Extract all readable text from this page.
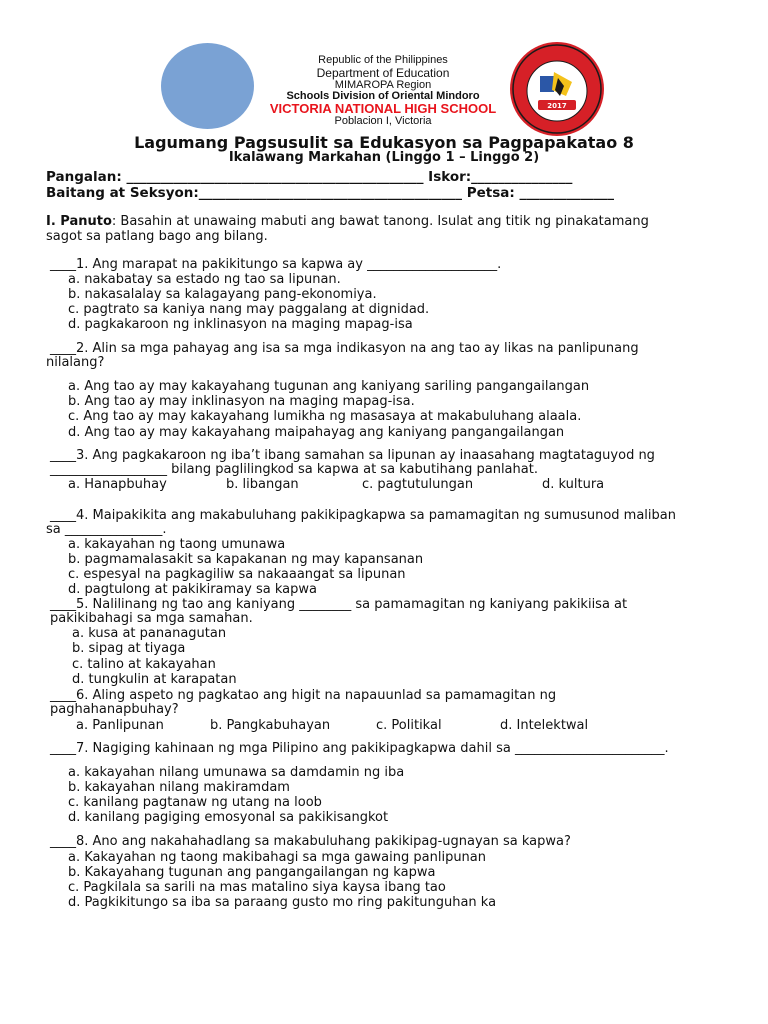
VICTORIA NATIONAL HIGH SCHOOL
2017
Republic of the Philippines
Department of Education
MIMAROPA Region
Schools Division of Oriental Mindoro
VICTORIA NATIONAL HIGH SCHOOL
Poblacion I, Victoria
Lagumang Pagsusulit sa Edukasyon sa Pagpapakatao 8
Ikalawang Markahan (Linggo 1 – Linggo 2)
Pangalan: ____________________________________________ Iskor:_______________
Baitang at Seksyon:_______________________________________ Petsa: ______________
I. Panuto: Basahin at unawaing mabuti ang bawat tanong. Isulat ang titik ng pinakatamang
sagot sa patlang bago ang bilang.
____1. Ang marapat na pakikitungo sa kapwa ay ____________________.
a. nakabatay sa estado ng tao sa lipunan.
b. nakasalalay sa kalagayang pang-ekonomiya.
c. pagtrato sa kaniya nang may paggalang at dignidad.
d. pagkakaroon ng inklinasyon na maging mapag-isa
____2. Alin sa mga pahayag ang isa sa mga indikasyon na ang tao ay likas na panlipunang
nilalang?
a. Ang tao ay may kakayahang tugunan ang kaniyang sariling pangangailangan
b. Ang tao ay may inklinasyon na maging mapag-isa.
c. Ang tao ay may kakayahang lumikha ng masasaya at makabuluhang alaala.
d. Ang tao ay may kakayahang maipahayag ang kaniyang pangangailangan
____3. Ang pagkakaroon ng iba’t ibang samahan sa lipunan ay inaasahang magtataguyod ng
__________________ bilang paglilingkod sa kapwa at sa kabutihang panlahat.
a. Hanapbuhay	b. libangan	c. pagtutulungan	d. kultura
____4. Maipakikita ang makabuluhang pakikipagkapwa sa pamamagitan ng sumusunod maliban
sa _______________.
a. kakayahan ng taong umunawa
b. pagmamalasakit sa kapakanan ng may kapansanan
c. espesyal na pagkagiliw sa nakaaangat sa lipunan
d. pagtulong at pakikiramay sa kapwa
____5. Nalilinang ng tao ang kaniyang ________ sa pamamagitan ng kaniyang pakikiisa at
pakikibahagi sa mga samahan.
a. kusa at pananagutan
b. sipag at tiyaga
c. talino at kakayahan
d. tungkulin at karapatan
____6. Aling aspeto ng pagkatao ang higit na napauunlad sa pamamagitan ng
paghahanapbuhay?
a. Panlipunan	b. Pangkabuhayan	c. Politikal	d. Intelektwal
____7. Nagiging kahinaan ng mga Pilipino ang pakikipagkapwa dahil sa _______________________.
a. kakayahan nilang umunawa sa damdamin ng iba
b. kakayahan nilang makiramdam
c. kanilang pagtanaw ng utang na loob
d. kanilang pagiging emosyonal sa pakikisangkot
____8. Ano ang nakahahadlang sa makabuluhang pakikipag-ugnayan sa kapwa?
a. Kakayahan ng taong makibahagi sa mga gawaing panlipunan
b. Kakayahang tugunan ang pangangailangan ng kapwa
c. Pagkilala sa sarili na mas matalino siya kaysa ibang tao
d. Pagkikitungo sa iba sa paraang gusto mo ring pakitunguhan ka
